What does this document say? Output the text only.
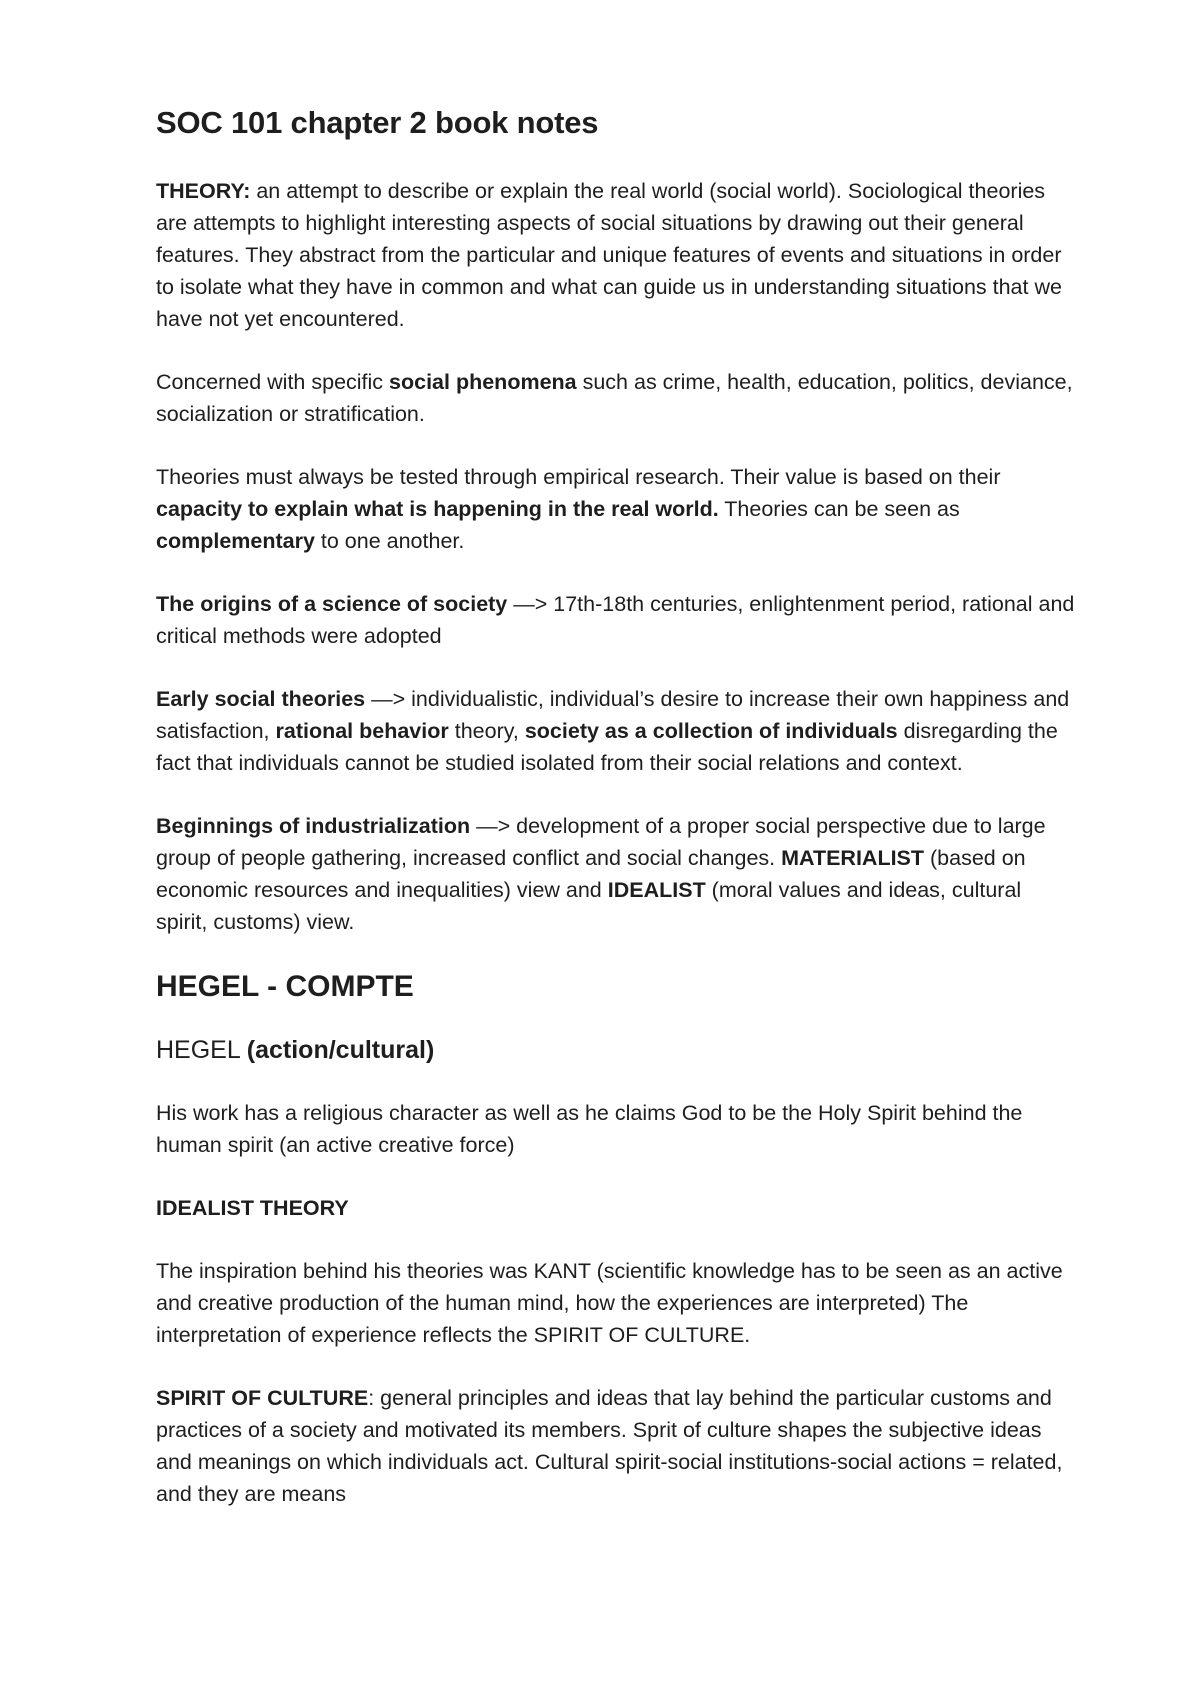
SOC 101 chapter 2 book notes

THEORY: an attempt to describe or explain the real world (social world). Sociological theories are attempts to highlight interesting aspects of social situations by drawing out their general features. They abstract from the particular and unique features of events and situations in order to isolate what they have in common and what can guide us in understanding situations that we have not yet encountered.

Concerned with specific social phenomena such as crime, health, education, politics, deviance, socialization or stratification.

Theories must always be tested through empirical research. Their value is based on their capacity to explain what is happening in the real world. Theories can be seen as complementary to one another.

The origins of a science of society —> 17th-18th centuries, enlightenment period, rational and critical methods were adopted

Early social theories —> individualistic, individual’s desire to increase their own happiness and satisfaction, rational behavior theory, society as a collection of individuals disregarding the fact that individuals cannot be studied isolated from their social relations and context.

Beginnings of industrialization —> development of a proper social perspective due to large group of people gathering, increased conflict and social changes. MATERIALIST (based on economic resources and inequalities) view and IDEALIST (moral values and ideas, cultural spirit, customs) view.

HEGEL - COMPTE
HEGEL (action/cultural)

His work has a religious character as well as he claims God to be the Holy Spirit behind the human spirit (an active creative force)

IDEALIST THEORY

The inspiration behind his theories was KANT (scientific knowledge has to be seen as an active and creative production of the human mind, how the experiences are interpreted) The interpretation of experience reflects the SPIRIT OF CULTURE.

SPIRIT OF CULTURE: general principles and ideas that lay behind the particular customs and practices of a society and motivated its members. Sprit of culture shapes the subjective ideas and meanings on which individuals act. Cultural spirit-social institutions-social actions = related, and they are means
